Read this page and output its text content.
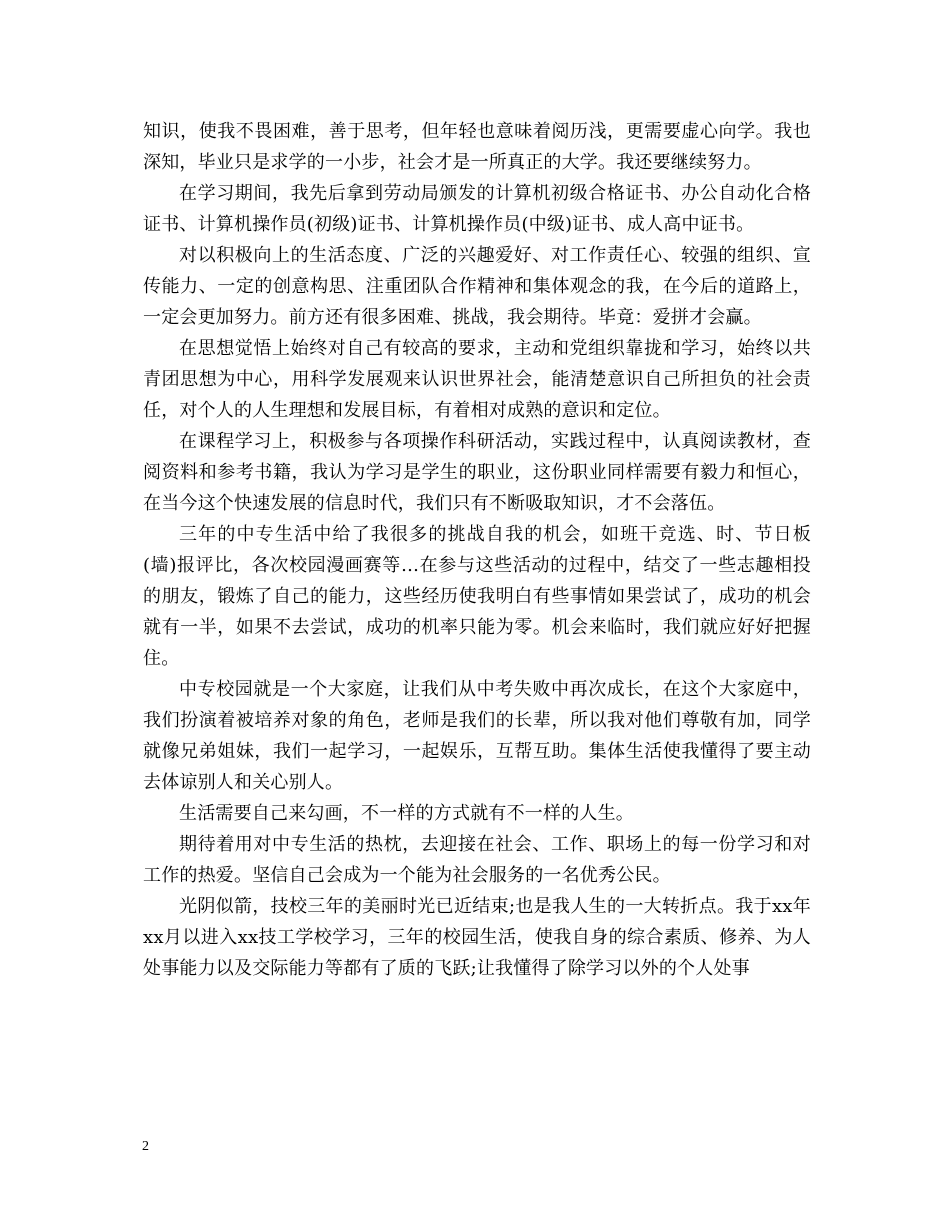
知识，使我不畏困难，善于思考，但年轻也意味着阅历浅，更需要虚心向学。我也深知，毕业只是求学的一小步，社会才是一所真正的大学。我还要继续努力。

在学习期间，我先后拿到劳动局颁发的计算机初级合格证书、办公自动化合格证书、计算机操作员(初级)证书、计算机操作员(中级)证书、成人高中证书。

对以积极向上的生活态度、广泛的兴趣爱好、对工作责任心、较强的组织、宣传能力、一定的创意构思、注重团队合作精神和集体观念的我，在今后的道路上，一定会更加努力。前方还有很多困难、挑战，我会期待。毕竟：爱拼才会赢。

在思想觉悟上始终对自己有较高的要求，主动和党组织靠拢和学习，始终以共青团思想为中心，用科学发展观来认识世界社会，能清楚意识自己所担负的社会责任，对个人的人生理想和发展目标，有着相对成熟的意识和定位。

在课程学习上，积极参与各项操作科研活动，实践过程中，认真阅读教材，查阅资料和参考书籍，我认为学习是学生的职业，这份职业同样需要有毅力和恒心，在当今这个快速发展的信息时代，我们只有不断吸取知识，才不会落伍。

三年的中专生活中给了我很多的挑战自我的机会，如班干竞选、时、节日板(墙)报评比，各次校园漫画赛等…在参与这些活动的过程中，结交了一些志趣相投的朋友，锻炼了自己的能力，这些经历使我明白有些事情如果尝试了，成功的机会就有一半，如果不去尝试，成功的机率只能为零。机会来临时，我们就应好好把握住。

中专校园就是一个大家庭，让我们从中考失败中再次成长，在这个大家庭中，我们扮演着被培养对象的角色，老师是我们的长辈，所以我对他们尊敬有加，同学就像兄弟姐妹，我们一起学习，一起娱乐，互帮互助。集体生活使我懂得了要主动去体谅别人和关心别人。

生活需要自己来勾画，不一样的方式就有不一样的人生。

期待着用对中专生活的热枕，去迎接在社会、工作、职场上的每一份学习和对工作的热爱。坚信自己会成为一个能为社会服务的一名优秀公民。

光阴似箭，技校三年的美丽时光已近结束;也是我人生的一大转折点。我于xx年xx月以进入xx技工学校学习，三年的校园生活，使我自身的综合素质、修养、为人处事能力以及交际能力等都有了质的飞跃;让我懂得了除学习以外的个人处事

2
